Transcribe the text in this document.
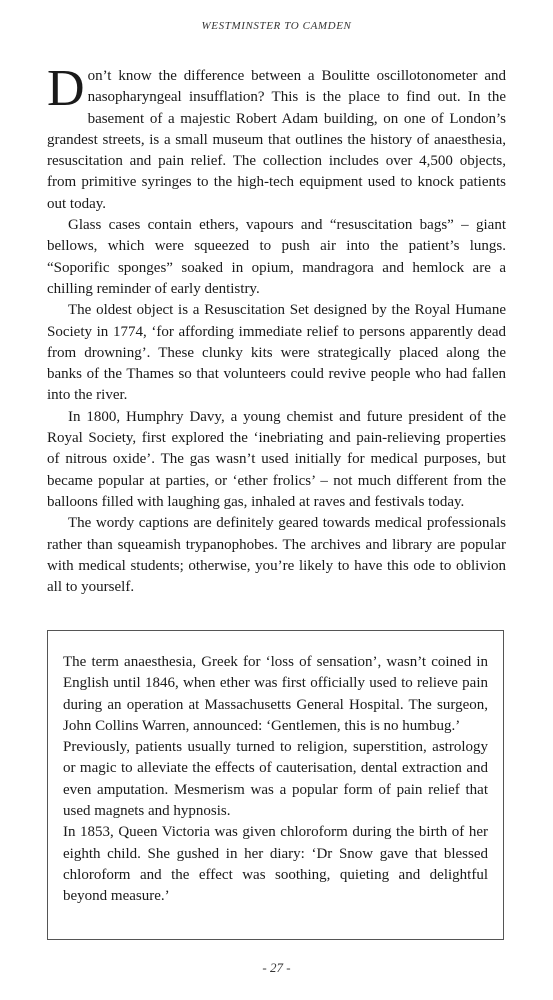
WESTMINSTER TO CAMDEN

Don’t know the difference between a Boulitte oscillotonometer and nasopharyngeal insufflation? This is the place to find out. In the basement of a majestic Robert Adam building, on one of London’s grandest streets, is a small museum that outlines the history of anaesthesia, resuscitation and pain relief. The collection includes over 4,500 objects, from primitive syringes to the high-tech equipment used to knock patients out today.

Glass cases contain ethers, vapours and “resuscitation bags” – giant bellows, which were squeezed to push air into the patient’s lungs. “Soporific sponges” soaked in opium, mandragora and hemlock are a chilling reminder of early dentistry.

The oldest object is a Resuscitation Set designed by the Royal Humane Society in 1774, ‘for affording immediate relief to persons apparently dead from drowning’. These clunky kits were strategically placed along the banks of the Thames so that volunteers could revive people who had fallen into the river.

In 1800, Humphry Davy, a young chemist and future president of the Royal Society, first explored the ‘inebriating and pain-relieving properties of nitrous oxide’. The gas wasn’t used initially for medical purposes, but became popular at parties, or ‘ether frolics’ – not much different from the balloons filled with laughing gas, inhaled at raves and festivals today.

The wordy captions are definitely geared towards medical professionals rather than squeamish trypanophobes. The archives and library are popular with medical students; otherwise, you’re likely to have this ode to oblivion all to yourself.

The term anaesthesia, Greek for ‘loss of sensation’, wasn’t coined in English until 1846, when ether was first officially used to relieve pain during an operation at Massachusetts General Hospital. The surgeon, John Collins Warren, announced: ‘Gentlemen, this is no humbug.’

Previously, patients usually turned to religion, superstition, astrology or magic to alleviate the effects of cauterisation, dental extraction and even amputation. Mesmerism was a popular form of pain relief that used magnets and hypnosis.

In 1853, Queen Victoria was given chloroform during the birth of her eighth child. She gushed in her diary: ‘Dr Snow gave that blessed chloroform and the effect was soothing, quieting and delightful beyond measure.’

- 27 -
